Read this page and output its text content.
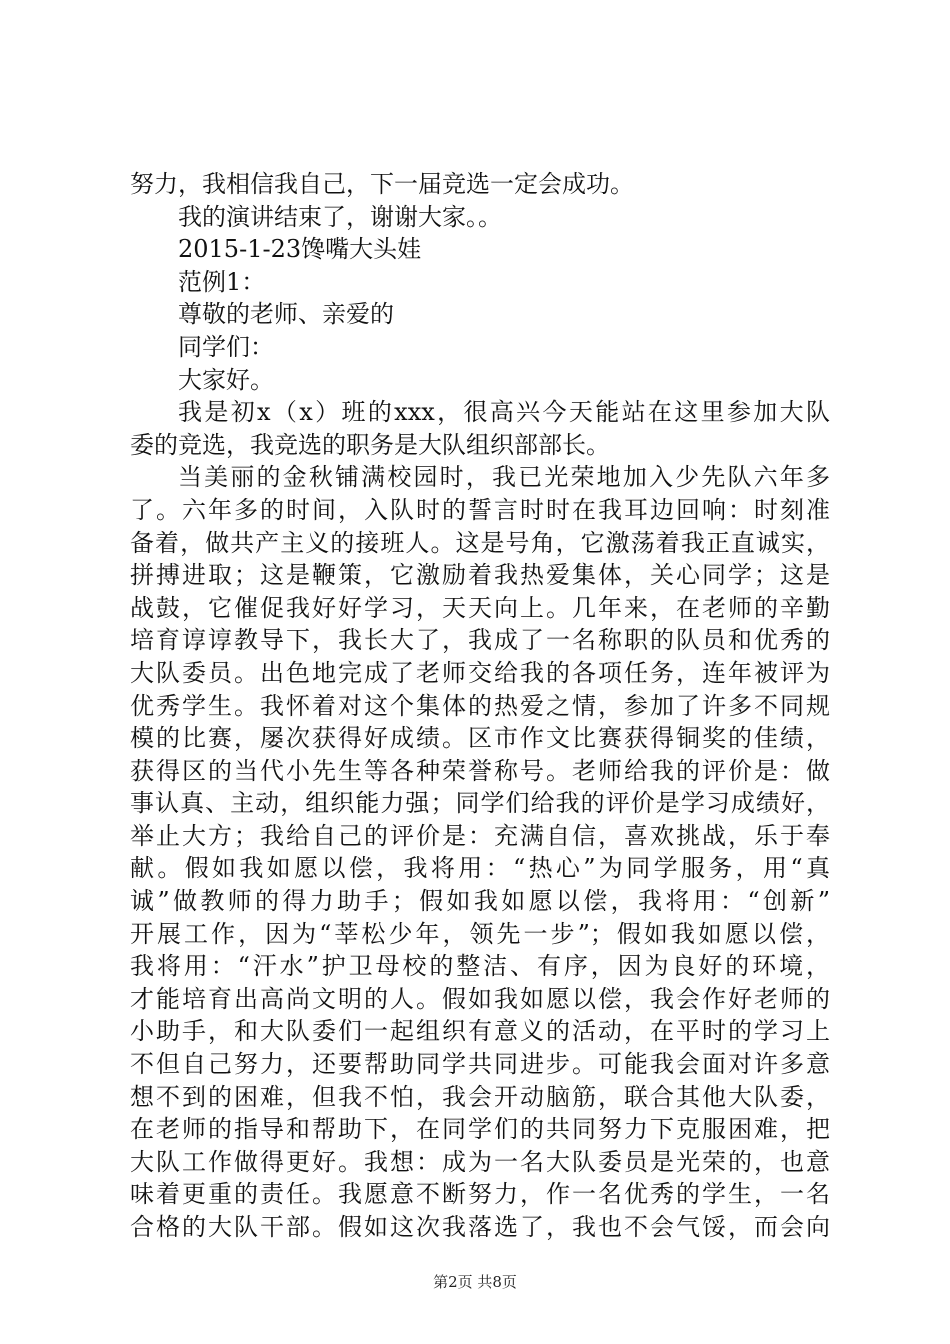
努力，我相信我自己，下一届竞选一定会成功。
我的演讲结束了，谢谢大家。。
2015-1-23馋嘴大头娃
范例1：
尊敬的老师、亲爱的
同学们：
大家好。
我是初x（x）班的xxx，很高兴今天能站在这里参加大队
委的竞选，我竞选的职务是大队组织部部长。
当美丽的金秋铺满校园时，我已光荣地加入少先队六年多
了。六年多的时间，入队时的誓言时时在我耳边回响：时刻准
备着，做共产主义的接班人。这是号角，它激荡着我正直诚实，
拼搏进取；这是鞭策，它激励着我热爱集体，关心同学；这是
战鼓，它催促我好好学习，天天向上。几年来，在老师的辛勤
培育谆谆教导下，我长大了，我成了一名称职的队员和优秀的
大队委员。出色地完成了老师交给我的各项任务，连年被评为
优秀学生。我怀着对这个集体的热爱之情，参加了许多不同规
模的比赛，屡次获得好成绩。区市作文比赛获得铜奖的佳绩，
获得区的当代小先生等各种荣誉称号。老师给我的评价是：做
事认真、主动，组织能力强；同学们给我的评价是学习成绩好，
举止大方；我给自己的评价是：充满自信，喜欢挑战，乐于奉
献。假如我如愿以偿，我将用：“热心”为同学服务，用“真
诚”做教师的得力助手；假如我如愿以偿，我将用：“创新”
开展工作，因为“莘松少年，领先一步”；假如我如愿以偿，
我将用：“汗水”护卫母校的整洁、有序，因为良好的环境，
才能培育出高尚文明的人。假如我如愿以偿，我会作好老师的
小助手，和大队委们一起组织有意义的活动，在平时的学习上
不但自己努力，还要帮助同学共同进步。可能我会面对许多意
想不到的困难，但我不怕，我会开动脑筋，联合其他大队委，
在老师的指导和帮助下，在同学们的共同努力下克服困难，把
大队工作做得更好。我想：成为一名大队委员是光荣的，也意
味着更重的责任。我愿意不断努力，作一名优秀的学生，一名
合格的大队干部。假如这次我落选了，我也不会气馁，而会向
第2页 共8页
